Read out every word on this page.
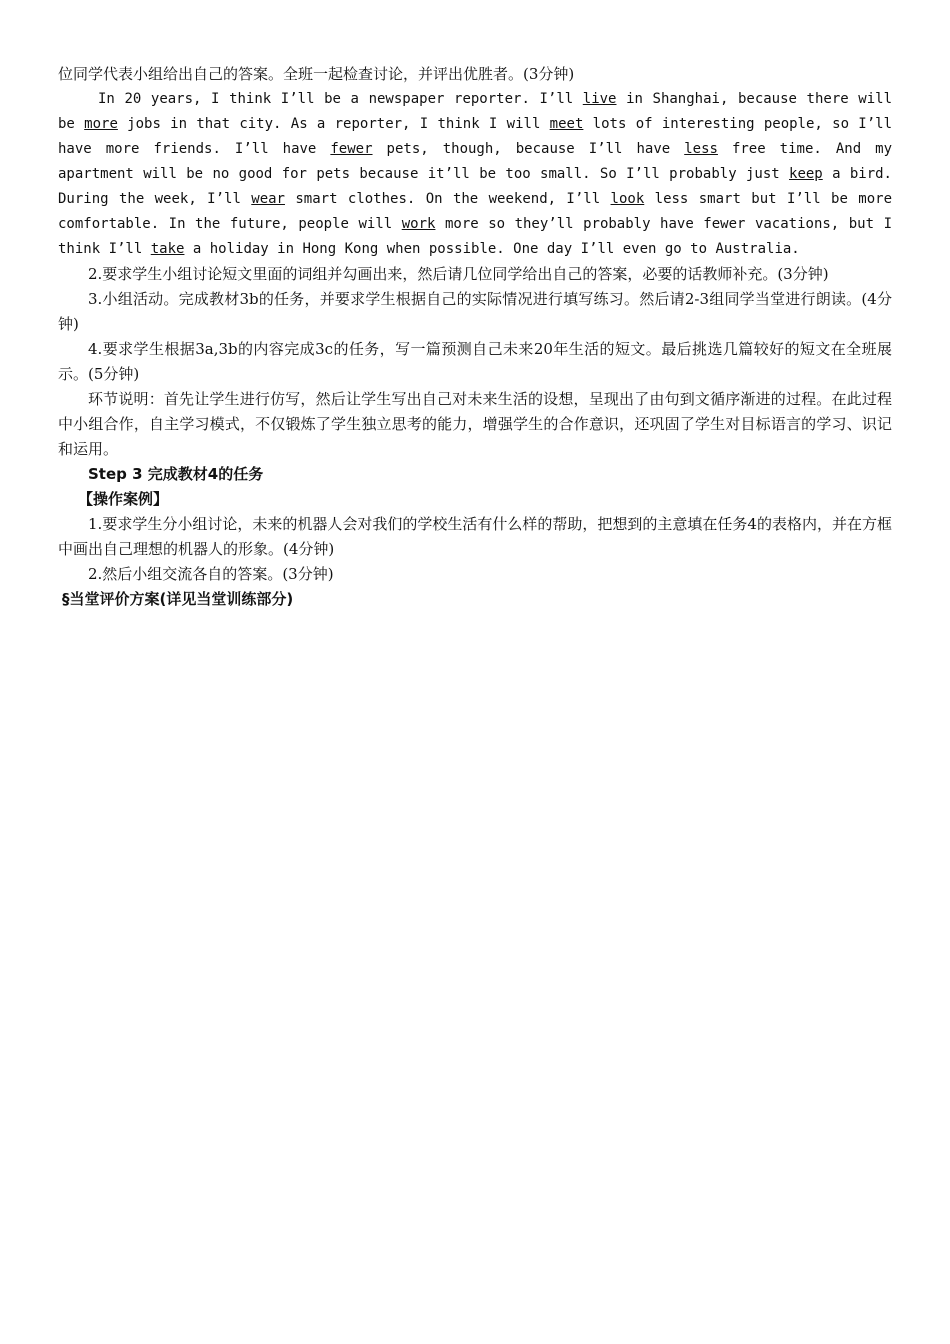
位同学代表小组给出自己的答案。全班一起检查讨论，并评出优胜者。(3分钟)

In 20 years, I think I’ll be a newspaper reporter. I’ll live in Shanghai, because there will be more jobs in that city. As a reporter, I think I will meet lots of interesting people, so I’ll have more friends. I’ll have fewer pets, though, because I’ll have less free time. And my apartment will be no good for pets because it’ll be too small. So I’ll probably just keep a bird. During the week, I’ll wear smart clothes. On the weekend, I’ll look less smart but I’ll be more comfortable. In the future, people will work more so they’ll probably have fewer vacations, but I think I’ll take a holiday in Hong Kong when possible. One day I’ll even go to Australia.

2.要求学生小组讨论短文里面的词组并勾画出来，然后请几位同学给出自己的答案，必要的话教师补充。(3分钟)

3.小组活动。完成教材3b的任务，并要求学生根据自己的实际情况进行填写练习。然后请2-3组同学当堂进行朗读。(4分钟)

4.要求学生根据3a,3b的内容完成3c的任务，写一篇预测自己未来20年生活的短文。最后挑选几篇较好的短文在全班展示。(5分钟)

环节说明：首先让学生进行仿写，然后让学生写出自己对未来生活的设想，呈现出了由句到文循序渐进的过程。在此过程中小组合作，自主学习模式，不仅锻炼了学生独立思考的能力，增强学生的合作意识，还巩固了学生对目标语言的学习、识记和运用。

Step 3 完成教材4的任务
【操作案例】

1.要求学生分小组讨论，未来的机器人会对我们的学校生活有什么样的帮助，把想到的主意填在任务4的表格内，并在方框中画出自己理想的机器人的形象。(4分钟)

2.然后小组交流各自的答案。(3分钟)

§当堂评价方案(详见当堂训练部分)
